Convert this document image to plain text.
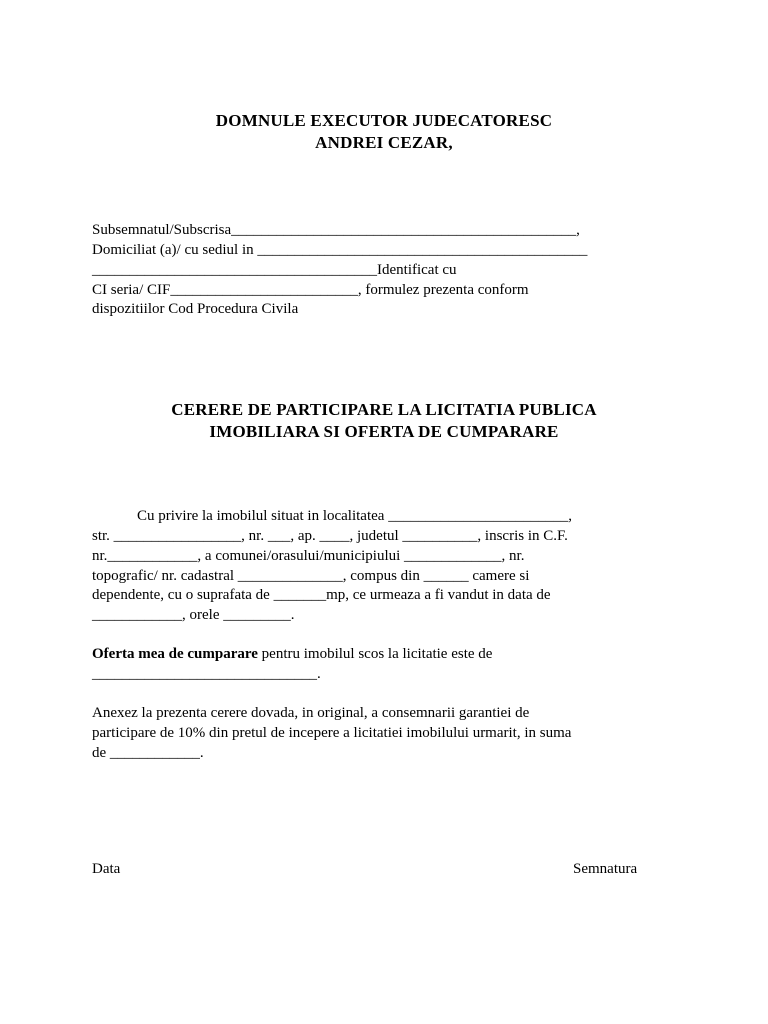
DOMNULE EXECUTOR JUDECATORESC
ANDREI CEZAR,
Subsemnatul/Subscrisa______________________________________________,
Domiciliat (a)/ cu sediul in ____________________________________________
______________________________________Identificat cu
CI seria/ CIF_________________________, formulez prezenta conform
dispozitiilor Cod Procedura Civila
CERERE DE PARTICIPARE LA LICITATIA PUBLICA
IMOBILIARA SI OFERTA DE CUMPARARE
Cu privire la imobilul situat in localitatea ________________________,
str. _________________, nr. ___, ap. ____, judetul __________, inscris in C.F.
nr.____________, a comunei/orasului/municipiului _____________, nr.
topografic/ nr. cadastral ______________, compus din ______ camere si
dependente, cu o suprafata de _______mp, ce urmeaza a fi vandut in data de
____________, orele _________.
Oferta mea de cumparare pentru imobilul scos la licitatie este de
______________________________.
Anexez la prezenta cerere dovada, in original, a consemnarii garantiei de
participare de 10% din pretul de incepere a licitatiei imobilului urmarit, in suma
de ____________.
Data	Semnatura
